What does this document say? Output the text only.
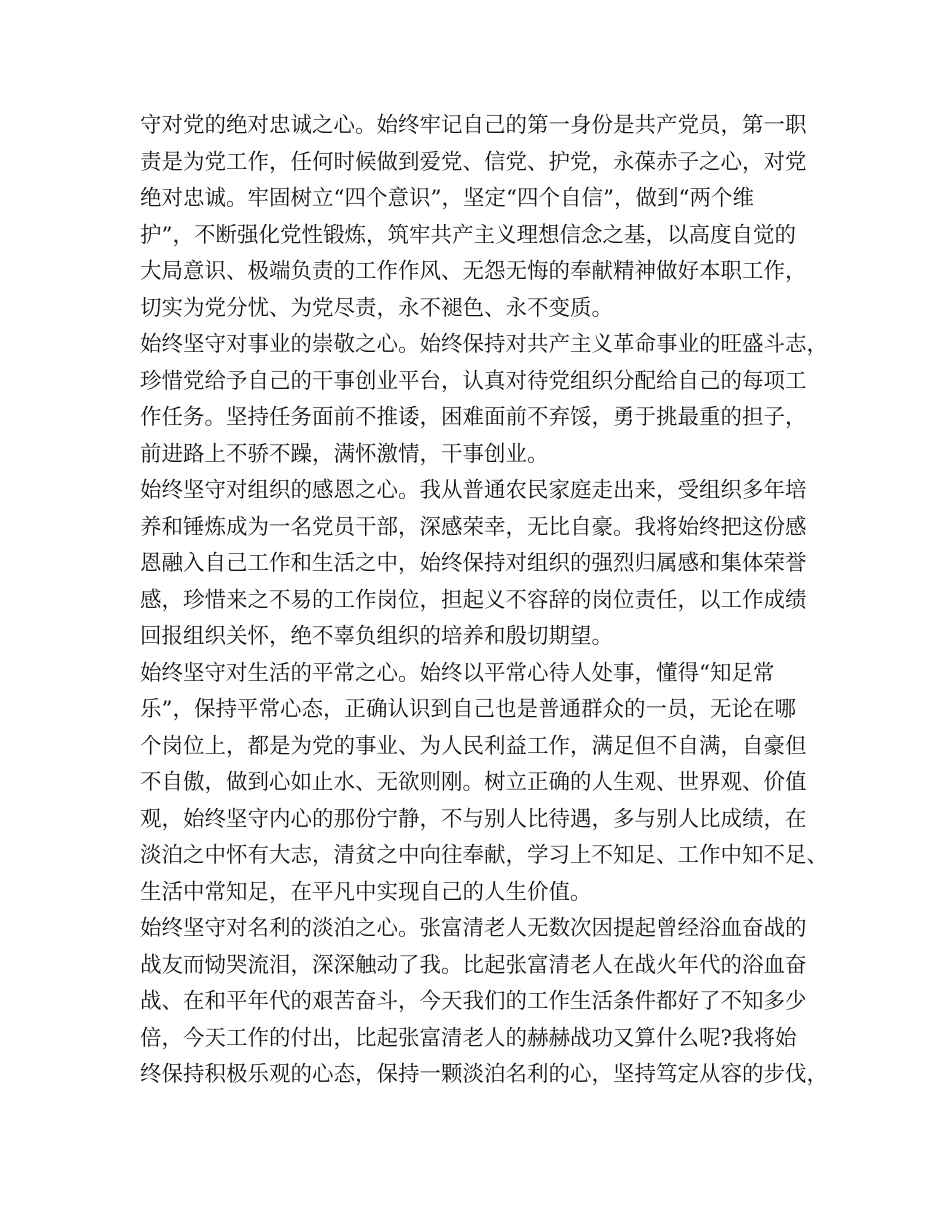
守对党的绝对忠诚之心。始终牢记自己的第一身份是共产党员，第一职
责是为党工作，任何时候做到爱党、信党、护党，永葆赤子之心，对党
绝对忠诚。牢固树立“四个意识”，坚定“四个自信”，做到“两个维
护”，不断强化党性锻炼，筑牢共产主义理想信念之基，以高度自觉的
大局意识、极端负责的工作作风、无怨无悔的奉献精神做好本职工作，
切实为党分忧、为党尽责，永不褪色、永不变质。

始终坚守对事业的崇敬之心。始终保持对共产主义革命事业的旺盛斗志，
珍惜党给予自己的干事创业平台，认真对待党组织分配给自己的每项工
作任务。坚持任务面前不推诿，困难面前不弃馁，勇于挑最重的担子，
前进路上不骄不躁，满怀激情，干事创业。

始终坚守对组织的感恩之心。我从普通农民家庭走出来，受组织多年培
养和锤炼成为一名党员干部，深感荣幸，无比自豪。我将始终把这份感
恩融入自己工作和生活之中，始终保持对组织的强烈归属感和集体荣誉
感，珍惜来之不易的工作岗位，担起义不容辞的岗位责任，以工作成绩
回报组织关怀，绝不辜负组织的培养和殷切期望。

始终坚守对生活的平常之心。始终以平常心待人处事，懂得“知足常
乐”，保持平常心态，正确认识到自己也是普通群众的一员，无论在哪
个岗位上，都是为党的事业、为人民利益工作，满足但不自满，自豪但
不自傲，做到心如止水、无欲则刚。树立正确的人生观、世界观、价值
观，始终坚守内心的那份宁静，不与别人比待遇，多与别人比成绩，在
淡泊之中怀有大志，清贫之中向往奉献，学习上不知足、工作中知不足、
生活中常知足，在平凡中实现自己的人生价值。

始终坚守对名利的淡泊之心。张富清老人无数次因提起曾经浴血奋战的
战友而恸哭流泪，深深触动了我。比起张富清老人在战火年代的浴血奋
战、在和平年代的艰苦奋斗，今天我们的工作生活条件都好了不知多少
倍，今天工作的付出，比起张富清老人的赫赫战功又算什么呢?我将始
终保持积极乐观的心态，保持一颗淡泊名利的心，坚持笃定从容的步伐，
